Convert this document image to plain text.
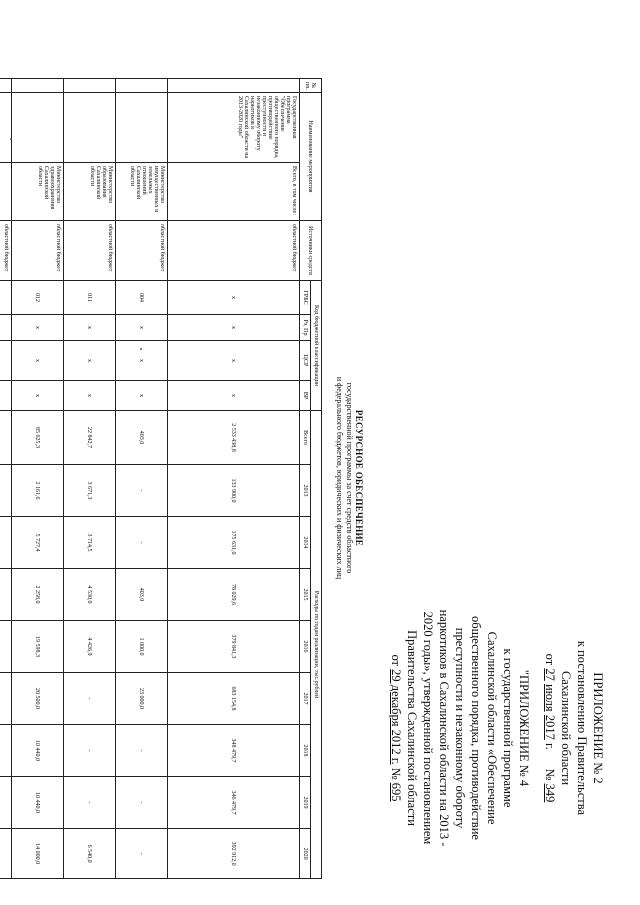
ПРИЛОЖЕНИЕ № 2
к постановлению Правительства
Сахалинской области
от 27 июля 2017 г.      № 349
"ПРИЛОЖЕНИЕ № 4
к государственной программе
Сахалинской области «Обеспечение
общественного порядка, противодействие
преступности и незаконному обороту
наркотиков в Сахалинской области на 2013 -
2020 годы», утвержденной постановлением
Правительства Сахалинской области
от 29 декабря 2012 г. № 695
РЕСУРСНОЕ ОБЕСПЕЧЕНИЕ
государственной программы за счет средств областного
и федерального бюджетов, юридических и физических лиц
№ пп.	Наименование мероприятия		Источники средств	Код бюджетной классификации				Расходы по годам реализации, тыс.рублей								
				ГРБС	Рз, Пр	ЦСР	ВР	Всего	2013	2014	2015	2016	2017	2018	2019	2020
	Государственная программа "Обеспечение общественного порядка, противодействие преступности и незаконному обороту наркотиков в Сахалинской области на 2013-2020 годы"	Всего, в том числе:	областной бюджет	x	x	x	x	2 533 438,8	133 900,0	175 631,0	78 029,6	379 841,3	683 154,8	348 479,7	346 479,7	392 912,0
		Министерство имущественных и земельных отношений Сахалинской области	областной бюджет	004	x	x	x	403,0	-	-	403,0	1 000,0	23 000,0	-	-	-
		Министерство образования Сахалинской области	областной бюджет	011	x	x	x	22 842,7	3 671,3	3 714,5	4 530,0	4 426,9	-	-	-	6 540,0
		Министерство здравоохранения Сахалинской области	областной бюджет	012	x	x	x	85 625,3	2 161,6	5 727,4	2 258,0	19 598,3	20 500,0	10 440,0	10 440,0	14 000,0
			областной бюджет													
